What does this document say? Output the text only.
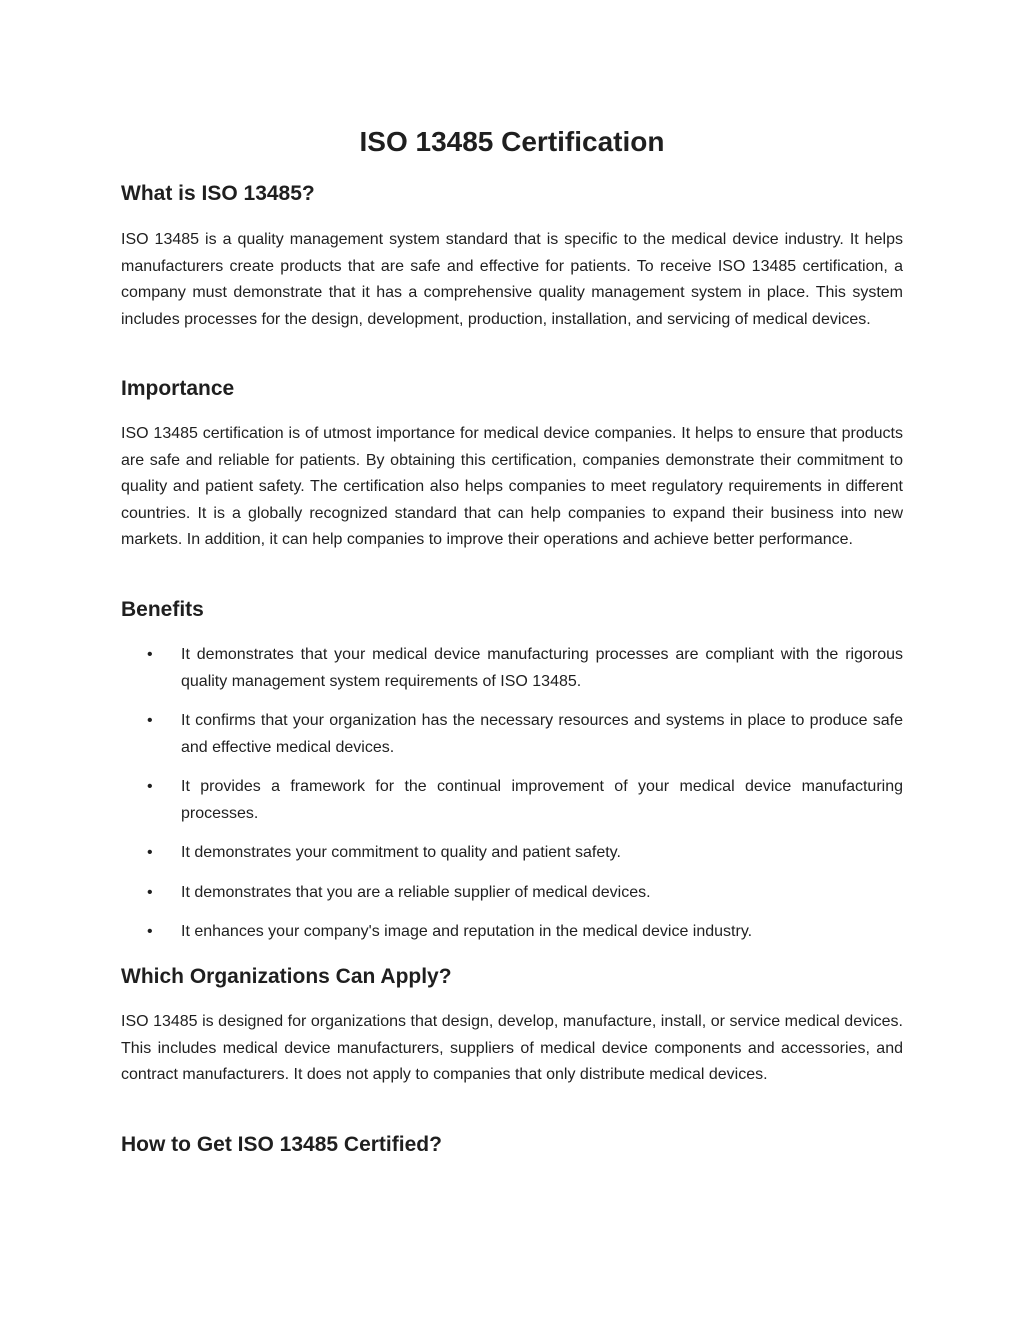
ISO 13485 Certification
What is ISO 13485?

ISO 13485 is a quality management system standard that is specific to the medical device industry. It helps manufacturers create products that are safe and effective for patients. To receive ISO 13485 certification, a company must demonstrate that it has a comprehensive quality management system in place. This system includes processes for the design, development, production, installation, and servicing of medical devices.

Importance

ISO 13485 certification is of utmost importance for medical device companies. It helps to ensure that products are safe and reliable for patients. By obtaining this certification, companies demonstrate their commitment to quality and patient safety. The certification also helps companies to meet regulatory requirements in different countries. It is a globally recognized standard that can help companies to expand their business into new markets. In addition, it can help companies to improve their operations and achieve better performance.

Benefits
• It demonstrates that your medical device manufacturing processes are compliant with the rigorous quality management system requirements of ISO 13485.
• It confirms that your organization has the necessary resources and systems in place to produce safe and effective medical devices.
• It provides a framework for the continual improvement of your medical device manufacturing processes.
• It demonstrates your commitment to quality and patient safety.
• It demonstrates that you are a reliable supplier of medical devices.
• It enhances your company's image and reputation in the medical device industry.
Which Organizations Can Apply?

ISO 13485 is designed for organizations that design, develop, manufacture, install, or service medical devices. This includes medical device manufacturers, suppliers of medical device components and accessories, and contract manufacturers. It does not apply to companies that only distribute medical devices.

How to Get ISO 13485 Certified?
